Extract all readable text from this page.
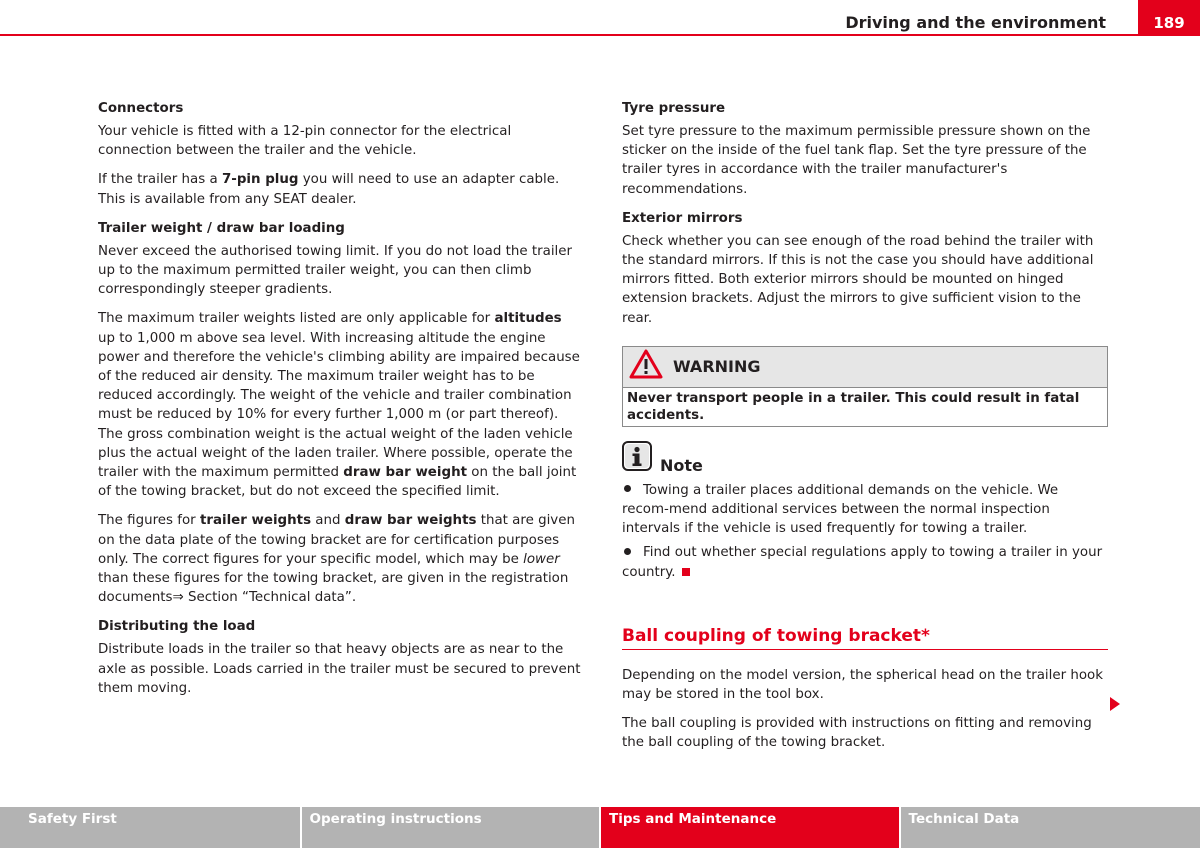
Driving and the environment	189
Connectors

Your vehicle is fitted with a 12-pin connector for the electrical connection between the trailer and the vehicle.

If the trailer has a 7-pin plug you will need to use an adapter cable. This is available from any SEAT dealer.

Trailer weight / draw bar loading

Never exceed the authorised towing limit. If you do not load the trailer up to the maximum permitted trailer weight, you can then climb correspondingly steeper gradients.

The maximum trailer weights listed are only applicable for altitudes up to 1,000 m above sea level. With increasing altitude the engine power and therefore the vehicle's climbing ability are impaired because of the reduced air density. The maximum trailer weight has to be reduced accordingly. The weight of the vehicle and trailer combination must be reduced by 10% for every further 1,000 m (or part thereof). The gross combination weight is the actual weight of the laden vehicle plus the actual weight of the laden trailer. Where possible, operate the trailer with the maximum permitted draw bar weight on the ball joint of the towing bracket, but do not exceed the specified limit.

The figures for trailer weights and draw bar weights that are given on the data plate of the towing bracket are for certification purposes only. The correct figures for your specific model, which may be lower than these figures for the towing bracket, are given in the registration documents⇒ Section “Technical data”.

Distributing the load

Distribute loads in the trailer so that heavy objects are as near to the axle as possible. Loads carried in the trailer must be secured to prevent them moving.

Tyre pressure

Set tyre pressure to the maximum permissible pressure shown on the sticker on the inside of the fuel tank flap. Set the tyre pressure of the trailer tyres in accordance with the trailer manufacturer's recommendations.

Exterior mirrors

Check whether you can see enough of the road behind the trailer with the standard mirrors. If this is not the case you should have additional mirrors fitted. Both exterior mirrors should be mounted on hinged extension brackets. Adjust the mirrors to give sufficient vision to the rear.

WARNING
Never transport people in a trailer. This could result in fatal accidents.
Note
Towing a trailer places additional demands on the vehicle. We recom-mend additional services between the normal inspection intervals if the vehicle is used frequently for towing a trailer.
Find out whether special regulations apply to towing a trailer in your country.
Ball coupling of towing bracket*

Depending on the model version, the spherical head on the trailer hook may be stored in the tool box.

The ball coupling is provided with instructions on fitting and removing the ball coupling of the towing bracket.

Safety First	Operating instructions	Tips and Maintenance	Technical Data
